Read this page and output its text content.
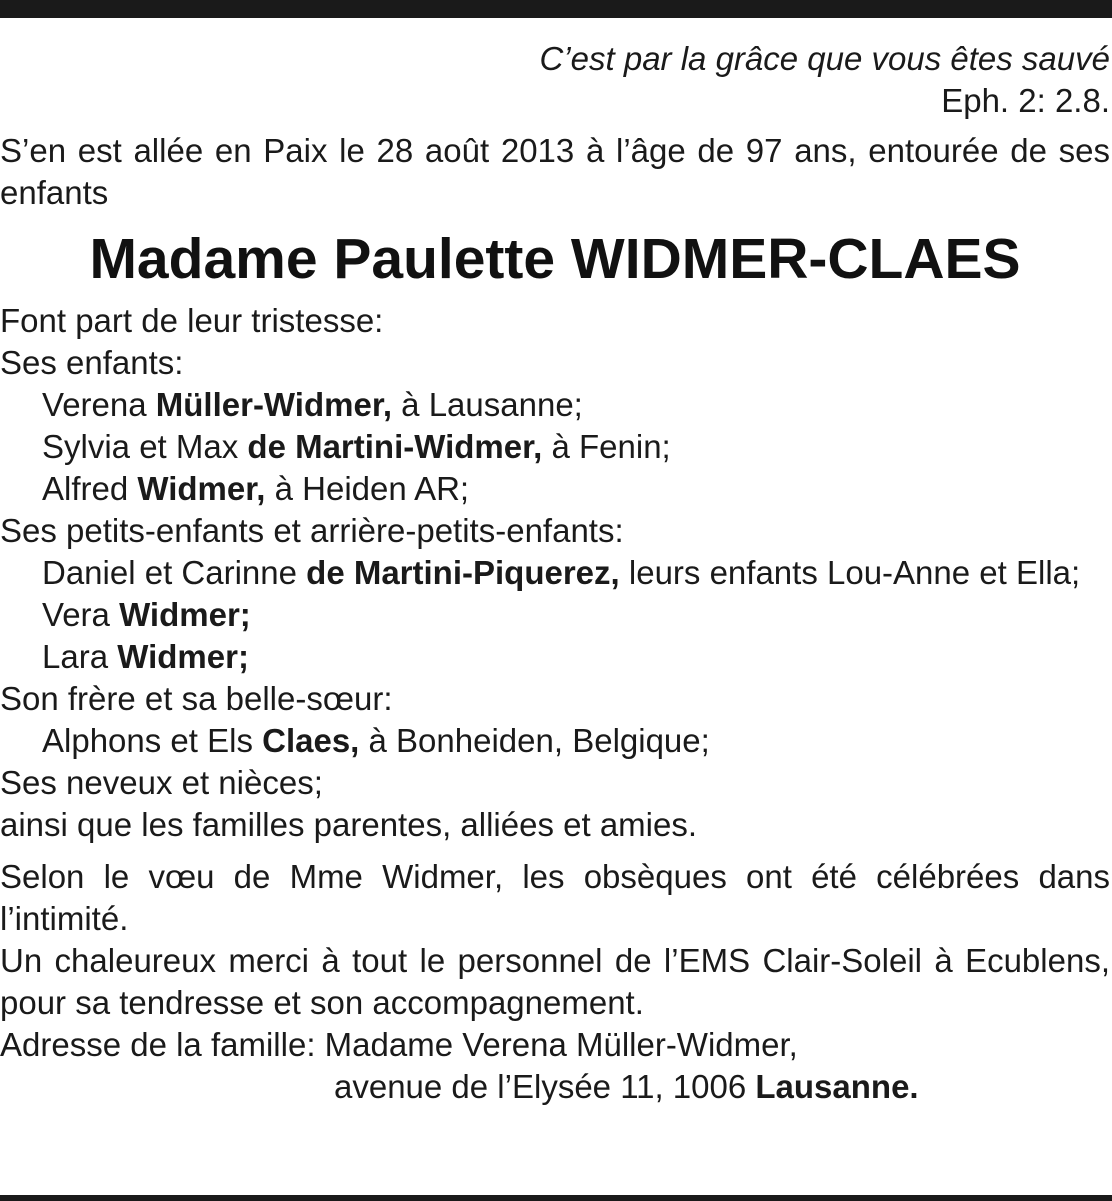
C’est par la grâce que vous êtes sauvé
Eph. 2: 2.8.

S’en est allée en Paix le 28 août 2013 à l’âge de 97 ans, entourée de ses enfants

Madame Paulette WIDMER-CLAES

Font part de leur tristesse:
Ses enfants:
Verena Müller-Widmer, à Lausanne;
Sylvia et Max de Martini-Widmer, à Fenin;
Alfred Widmer, à Heiden AR;
Ses petits-enfants et arrière-petits-enfants:
Daniel et Carinne de Martini-Piquerez, leurs enfants Lou-Anne et Ella;
Vera Widmer;
Lara Widmer;
Son frère et sa belle-sœur:
Alphons et Els Claes, à Bonheiden, Belgique;
Ses neveux et nièces;
ainsi que les familles parentes, alliées et amies.
Selon le vœu de Mme Widmer, les obsèques ont été célébrées dans l’intimité.
Un chaleureux merci à tout le personnel de l’EMS Clair-Soleil à Ecublens, pour sa tendresse et son accompagnement.
Adresse de la famille: Madame Verena Müller-Widmer,
avenue de l’Elysée 11, 1006 Lausanne.
